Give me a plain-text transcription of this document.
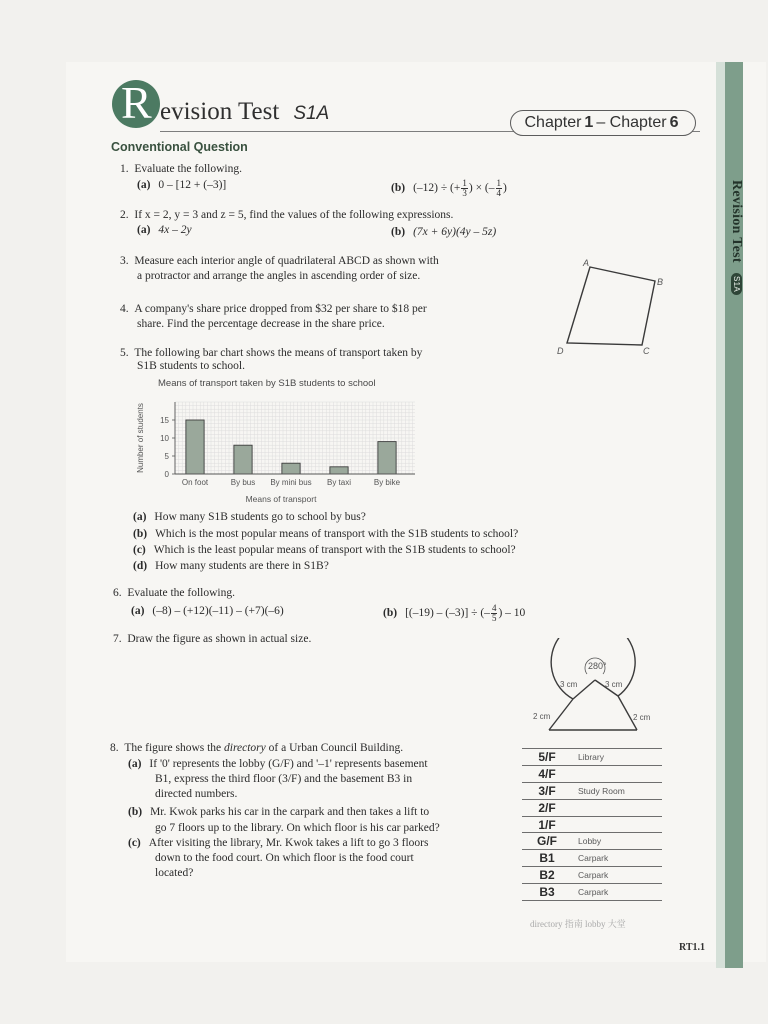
Revision Test S1A
R evision Test S1A	Chapter 1 – Chapter 6
Conventional Question
1. Evaluate the following.
(a) 0 – [12 + (–3)]	(b) (–12) ÷ (+ $\frac{1}{3}$ ) × (– $\frac{1}{4}$ )
2. If x = 2, y = 3 and z = 5, find the values of the following expressions.
(a) 4x – 2y	(b) (7x + 6y)(4y – 5z)
3. Measure each interior angle of quadrilateral ABCD as shown with
a protractor and arrange the angles in ascending order of size.
A
B
C
D
4. A company's share price dropped from $32 per share to $18 per
share. Find the percentage decrease in the share price.
5. The following bar chart shows the means of transport taken by
S1B students to school.
Means of transport taken by S1B students to school
On foot	By bus By mini bus By taxi	By bike
0
5
10
15
Number of students
Means of transport
(a) How many S1B students go to school by bus?
(b) Which is the most popular means of transport with the S1B students to school?
(c) Which is the least popular means of transport with the S1B students to school?
(d) How many students are there in S1B?
6. Evaluate the following.
(a) (–8) – (+12)(–11) – (+7)(–6)	(b) [(–19) – (–3)] ÷ (– $\frac{4}{5}$ ) – 10
7. Draw the figure as shown in actual size.
280°
3 cm	3 cm
2 cm	2 cm
8. The figure shows the directory of a Urban Council Building.
(a) If '0' represents the lobby (G/F) and '–1' represents basement
B1, express the third floor (3/F) and the basement B3 in
directed numbers.
(b) Mr. Kwok parks his car in the carpark and then takes a lift to
go 7 floors up to the library. On which floor is his car parked?
(c) After visiting the library, Mr. Kwok takes a lift to go 3 floors
down to the food court. On which floor is the food court
located?
5/F	Library
4/F	
3/F	Study Room
2/F	
1/F	
G/F	Lobby
B1	Carpark
B2	Carpark
B3	Carpark
directory 指南 lobby 大堂
RT1.1
